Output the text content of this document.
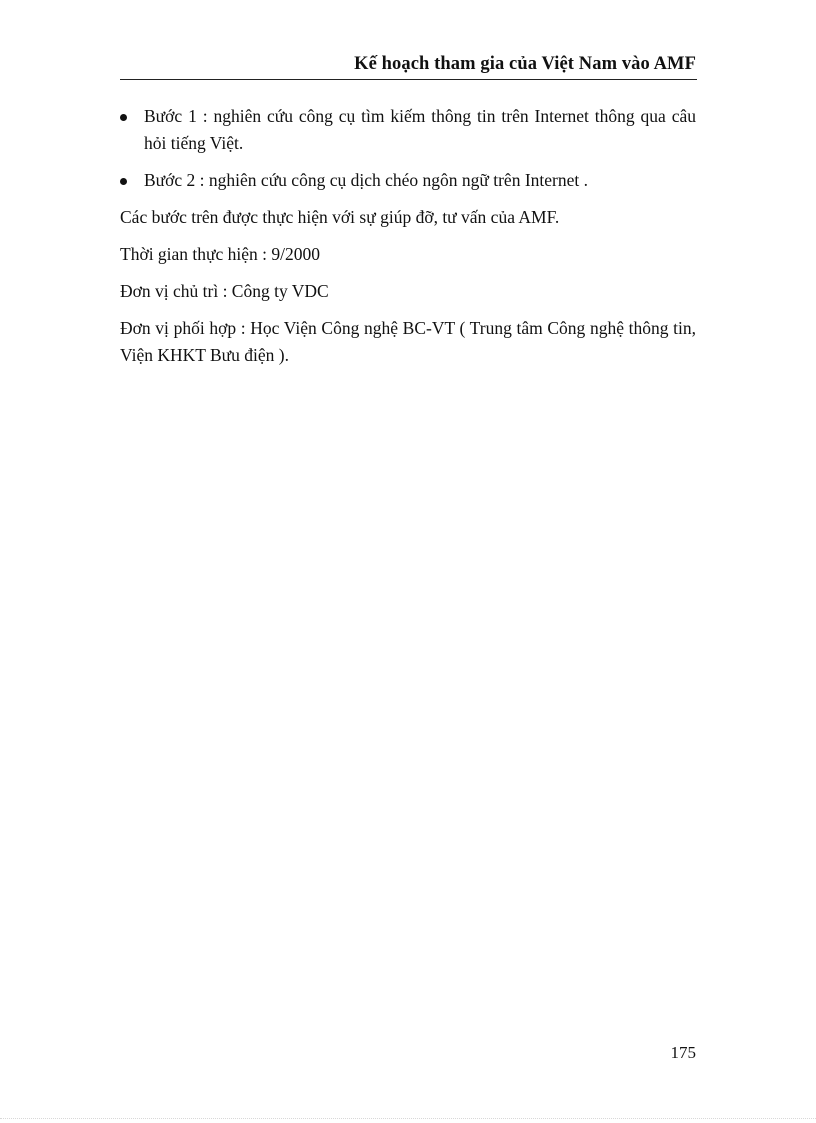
Kế hoạch tham gia của Việt Nam vào AMF
Bước 1 : nghiên cứu công cụ tìm kiếm thông tin trên Internet thông qua câu hỏi tiếng Việt.
Bước 2 : nghiên cứu công cụ dịch chéo ngôn ngữ trên Internet .

Các bước trên được thực hiện với sự giúp đỡ, tư vấn của AMF.

Thời gian thực hiện : 9/2000

Đơn vị chủ trì : Công ty VDC

Đơn vị phối hợp : Học Viện Công nghệ BC-VT ( Trung tâm Công nghệ thông tin, Viện KHKT Bưu điện ).

175
